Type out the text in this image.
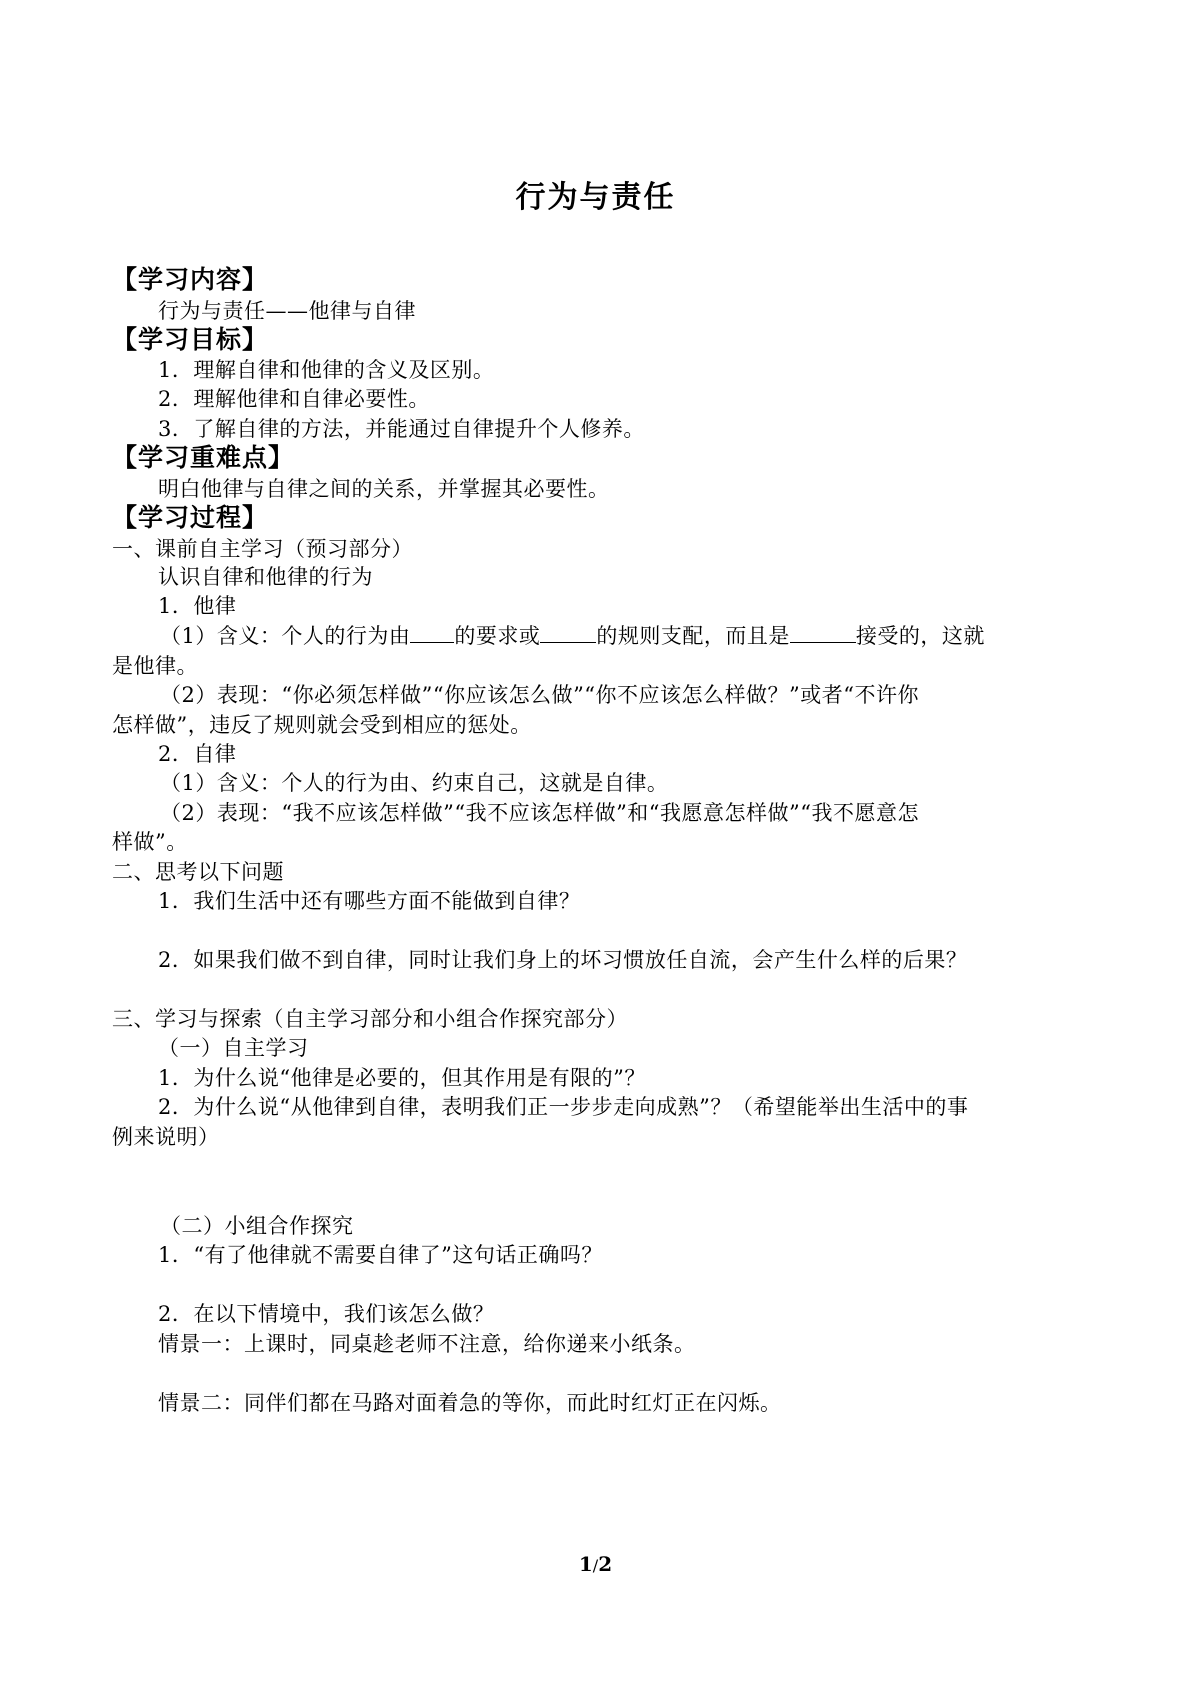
行为与责任
【学习内容】
行为与责任——他律与自律
【学习目标】
1．理解自律和他律的含义及区别。
2．理解他律和自律必要性。
3．了解自律的方法，并能通过自律提升个人修养。
【学习重难点】
明白他律与自律之间的关系，并掌握其必要性。
【学习过程】
一、课前自主学习（预习部分）
认识自律和他律的行为
1．他律
（1）含义：个人的行为由 的要求或	的规则支配，而且是	接受的，这就
是他律。
（2）表现：“你必须怎样做”“你应该怎么做”“你不应该怎么样做？”或者“不许你
怎样做”，违反了规则就会受到相应的惩处。
2．自律
（1）含义：个人的行为由、约束自己，这就是自律。
（2）表现：“我不应该怎样做”“我不应该怎样做”和“我愿意怎样做”“我不愿意怎
样做”。
二、思考以下问题
1．我们生活中还有哪些方面不能做到自律？
2．如果我们做不到自律，同时让我们身上的坏习惯放任自流，会产生什么样的后果？
三、学习与探索（自主学习部分和小组合作探究部分）
（一）自主学习
1．为什么说“他律是必要的，但其作用是有限的”？
2．为什么说“从他律到自律，表明我们正一步步走向成熟”？（希望能举出生活中的事
例来说明）
（二）小组合作探究
1．“有了他律就不需要自律了”这句话正确吗？
2．在以下情境中，我们该怎么做？
情景一：上课时，同桌趁老师不注意，给你递来小纸条。
情景二：同伴们都在马路对面着急的等你，而此时红灯正在闪烁。
1/2
